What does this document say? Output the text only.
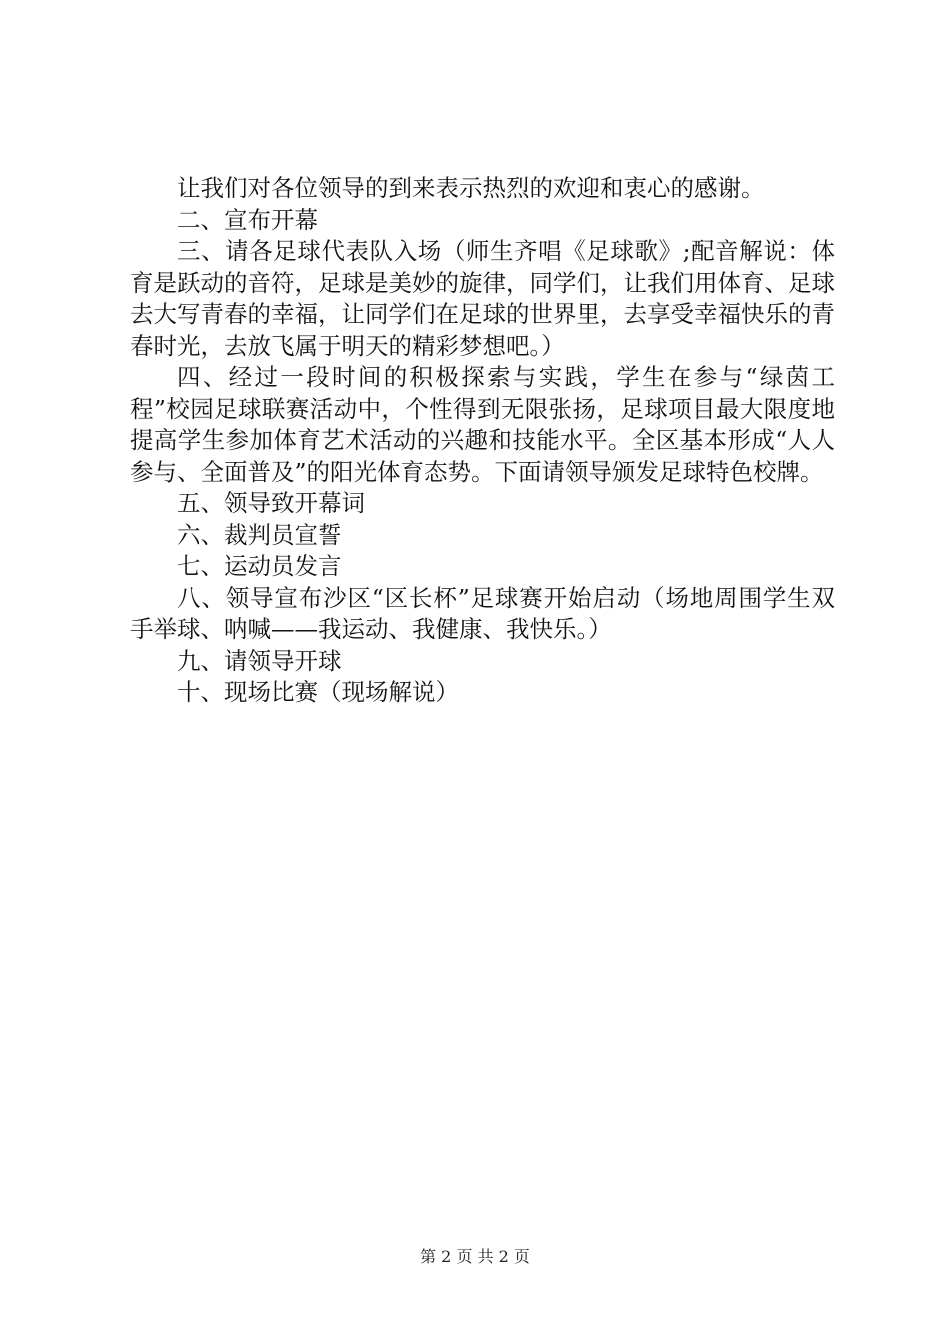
让我们对各位领导的到来表示热烈的欢迎和衷心的感谢。

二、宣布开幕

三、请各足球代表队入场（师生齐唱《足球歌》;配音解说：体育是跃动的音符，足球是美妙的旋律，同学们，让我们用体育、足球去大写青春的幸福，让同学们在足球的世界里，去享受幸福快乐的青春时光，去放飞属于明天的精彩梦想吧。）

四、经过一段时间的积极探索与实践，学生在参与“绿茵工程”校园足球联赛活动中，个性得到无限张扬，足球项目最大限度地提高学生参加体育艺术活动的兴趣和技能水平。全区基本形成“人人参与、全面普及”的阳光体育态势。下面请领导颁发足球特色校牌。

五、领导致开幕词

六、裁判员宣誓

七、运动员发言

八、领导宣布沙区“区长杯”足球赛开始启动（场地周围学生双手举球、呐喊——我运动、我健康、我快乐。）

九、请领导开球

十、现场比赛（现场解说）

第 2 页 共 2 页
